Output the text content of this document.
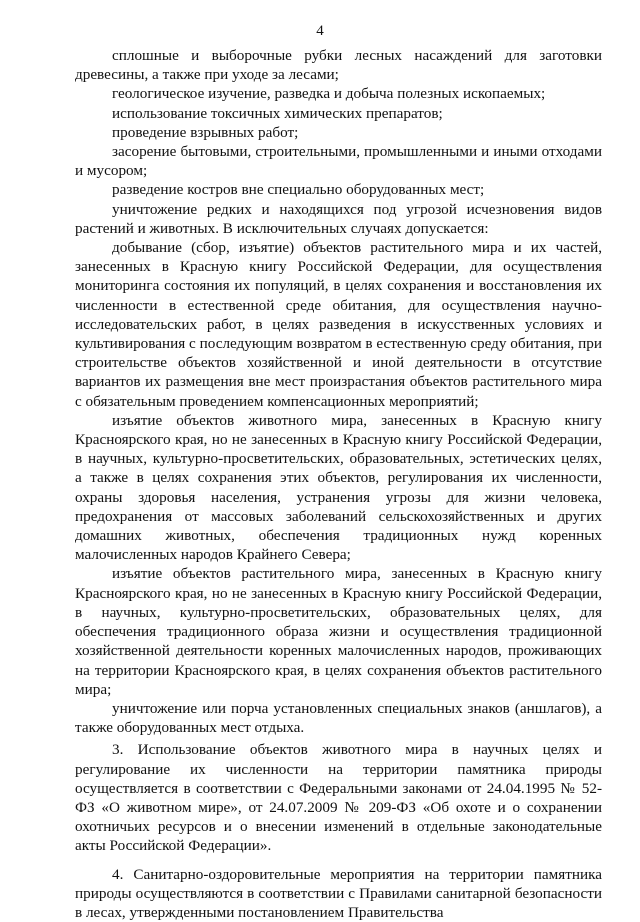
4

сплошные и выборочные рубки лесных насаждений для заготовки древесины, а также при уходе за лесами;

геологическое изучение, разведка и добыча полезных ископаемых;

использование токсичных химических препаратов;

проведение взрывных работ;

засорение бытовыми, строительными, промышленными и иными отходами и мусором;

разведение костров вне специально оборудованных мест;

уничтожение редких и находящихся под угрозой исчезновения видов растений и животных. В исключительных случаях допускается:

добывание (сбор, изъятие) объектов растительного мира и их частей, занесенных в Красную книгу Российской Федерации, для осуществления мониторинга состояния их популяций, в целях сохранения и восстановления их численности в естественной среде обитания, для осуществления научно-исследовательских работ, в целях разведения в искусственных условиях и культивирования с последующим возвратом в естественную среду обитания, при строительстве объектов хозяйственной и иной деятельности в отсутствие вариантов их размещения вне мест произрастания объектов растительного мира с обязательным проведением компенсационных мероприятий;

изъятие объектов животного мира, занесенных в Красную книгу Красноярского края, но не занесенных в Красную книгу Российской Федерации, в научных, культурно-просветительских, образовательных, эстетических целях, а также в целях сохранения этих объектов, регулирования их численности, охраны здоровья населения, устранения угрозы для жизни человека, предохранения от массовых заболеваний сельскохозяйственных и других домашних животных, обеспечения традиционных нужд коренных малочисленных народов Крайнего Севера;

изъятие объектов растительного мира, занесенных в Красную книгу Красноярского края, но не занесенных в Красную книгу Российской Федерации, в научных, культурно-просветительских, образовательных целях, для обеспечения традиционного образа жизни и осуществления традиционной хозяйственной деятельности коренных малочисленных народов, проживающих на территории Красноярского края, в целях сохранения объектов растительного мира;

уничтожение или порча установленных специальных знаков (аншлагов), а также оборудованных мест отдыха.

3. Использование объектов животного мира в научных целях и регулирование их численности на территории памятника природы осуществляется в соответствии с Федеральными законами от 24.04.1995 № 52-ФЗ «О животном мире», от 24.07.2009 № 209-ФЗ «Об охоте и о сохранении охотничьих ресурсов и о внесении изменений в отдельные законодательные акты Российской Федерации».

4. Санитарно-оздоровительные мероприятия на территории памятника природы осуществляются в соответствии с Правилами санитарной безопасности в лесах, утвержденными постановлением Правительства
